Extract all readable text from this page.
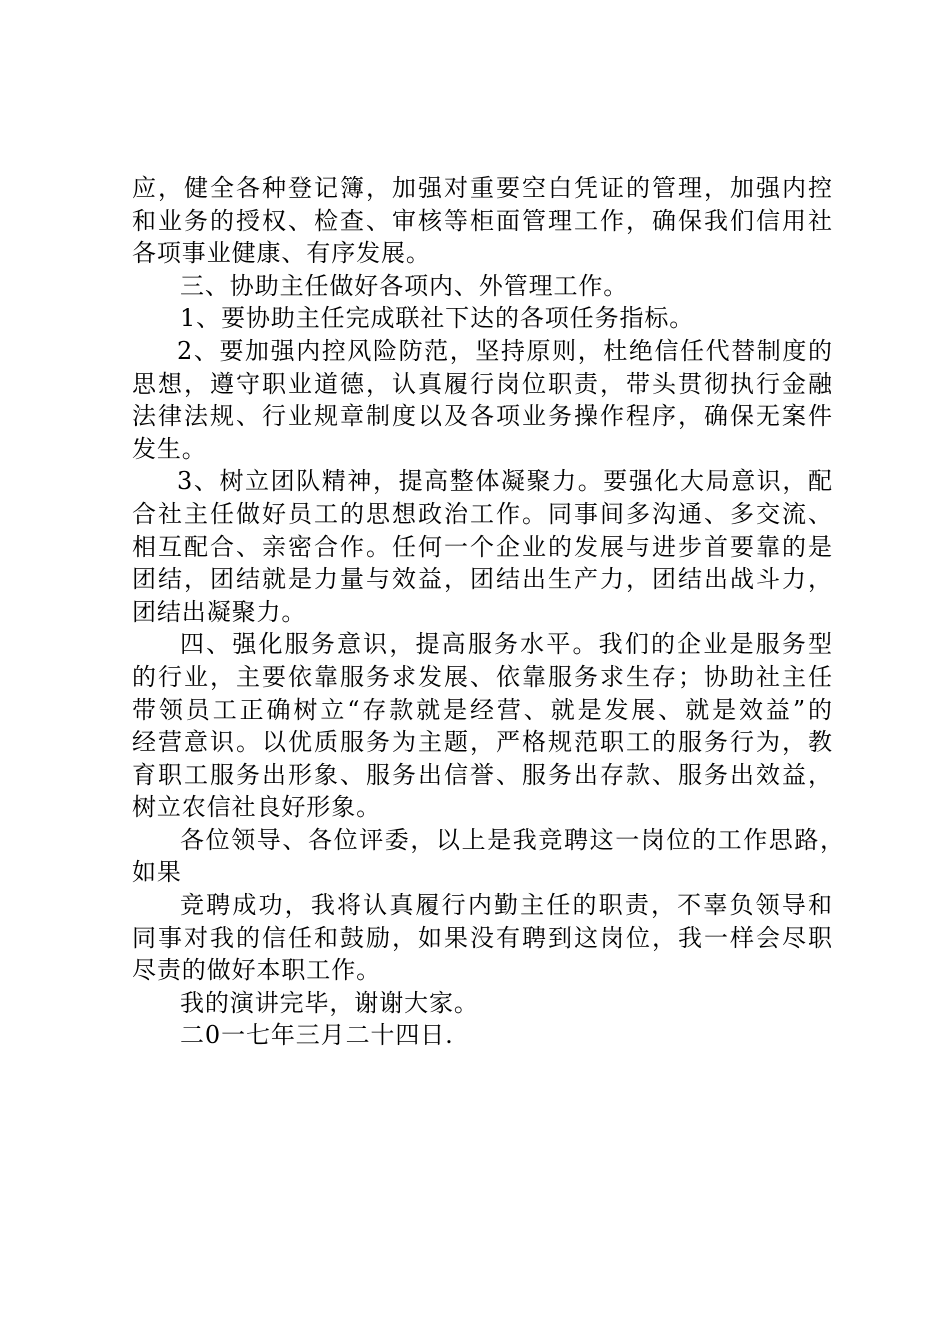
应，健全各种登记簿，加强对重要空白凭证的管理，加强内控
和业务的授权、检查、审核等柜面管理工作，确保我们信用社
各项事业健康、有序发展。
三、协助主任做好各项内、外管理工作。
1、要协助主任完成联社下达的各项任务指标。
2、要加强内控风险防范，坚持原则，杜绝信任代替制度的
思想，遵守职业道德，认真履行岗位职责，带头贯彻执行金融
法律法规、行业规章制度以及各项业务操作程序，确保无案件
发生。
3、树立团队精神，提高整体凝聚力。要强化大局意识，配
合社主任做好员工的思想政治工作。同事间多沟通、多交流、
相互配合、亲密合作。任何一个企业的发展与进步首要靠的是
团结，团结就是力量与效益，团结出生产力，团结出战斗力，
团结出凝聚力。
四、强化服务意识，提高服务水平。我们的企业是服务型
的行业，主要依靠服务求发展、依靠服务求生存；协助社主任
带领员工正确树立“存款就是经营、就是发展、就是效益”的
经营意识。以优质服务为主题，严格规范职工的服务行为，教
育职工服务出形象、服务出信誉、服务出存款、服务出效益，
树立农信社良好形象。
各位领导、各位评委，以上是我竞聘这一岗位的工作思路，
如果
竞聘成功，我将认真履行内勤主任的职责，不辜负领导和
同事对我的信任和鼓励，如果没有聘到这岗位，我一样会尽职
尽责的做好本职工作。
我的演讲完毕，谢谢大家。
二0一七年三月二十四日.
